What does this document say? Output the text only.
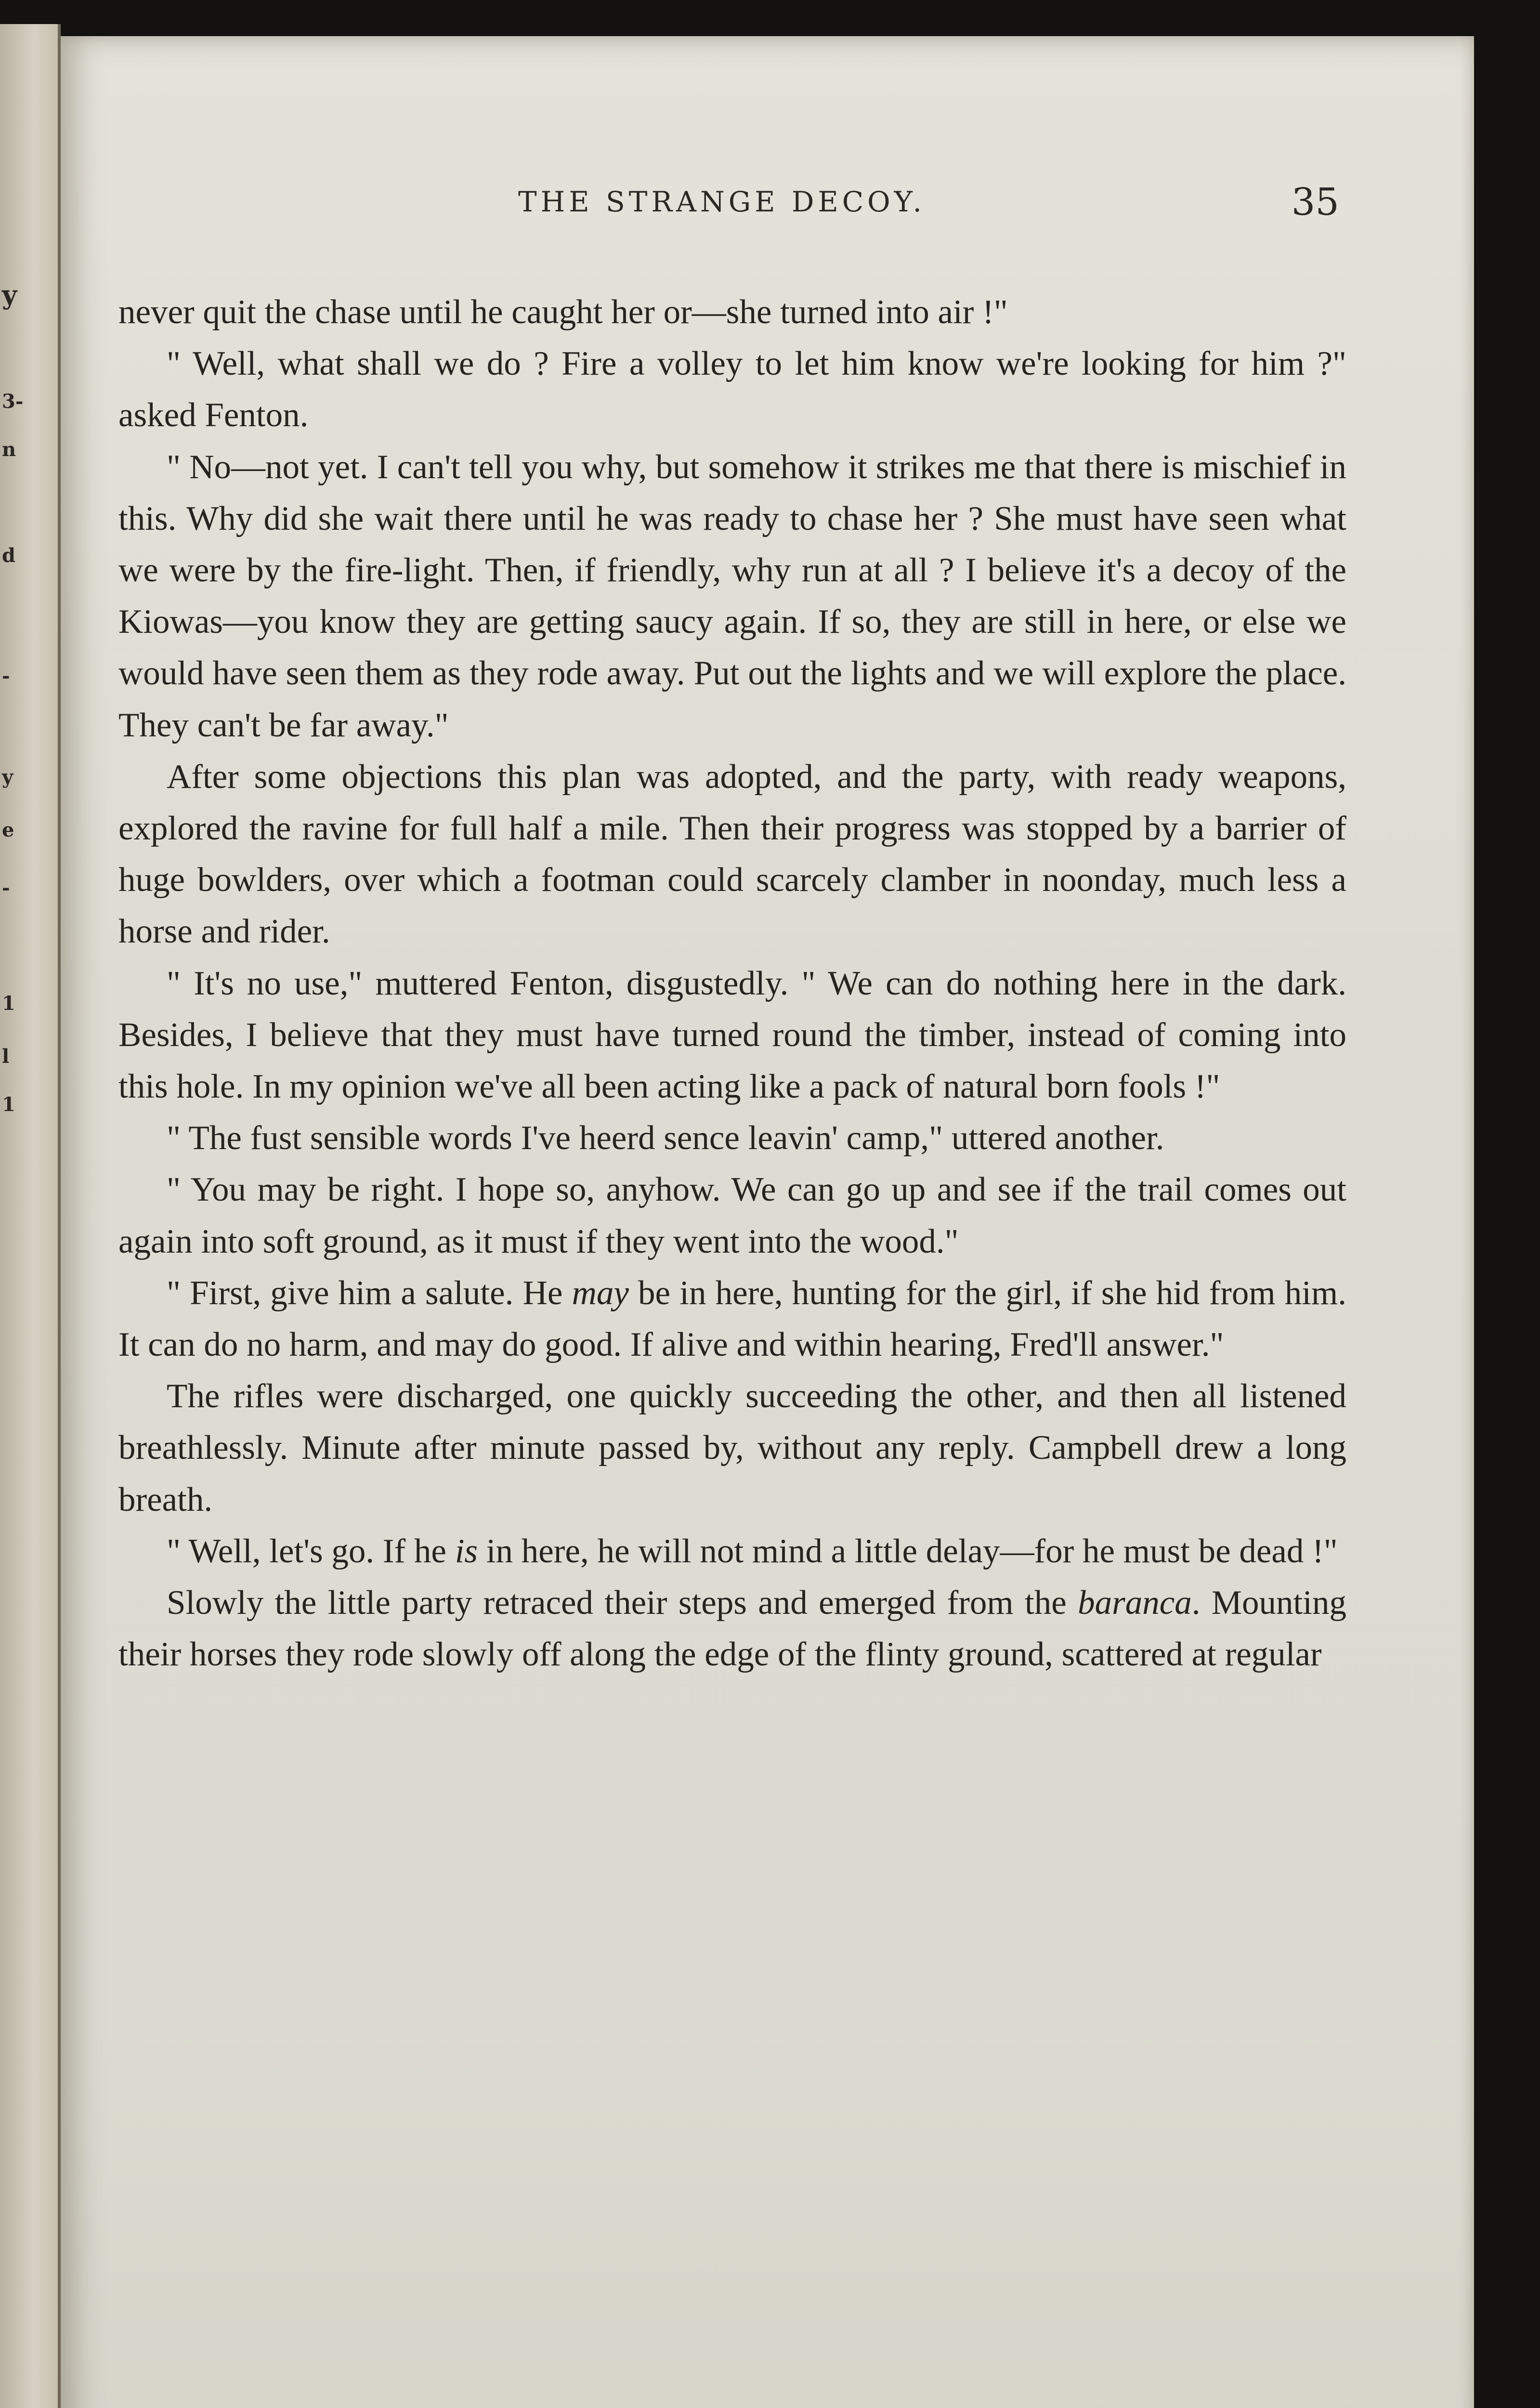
y
3-
n
d
-
y
e
-
1
l
1
THE STRANGE DECOY.	35

never quit the chase until he caught her or—she turned into air !"

" Well, what shall we do ? Fire a volley to let him know we're looking for him ?" asked Fenton.

" No—not yet. I can't tell you why, but somehow it strikes me that there is mischief in this. Why did she wait there until he was ready to chase her ? She must have seen what we were by the fire-light. Then, if friendly, why run at all ? I believe it's a decoy of the Kiowas—you know they are getting saucy again. If so, they are still in here, or else we would have seen them as they rode away. Put out the lights and we will explore the place. They can't be far away."

After some objections this plan was adopted, and the party, with ready weapons, explored the ravine for full half a mile. Then their progress was stopped by a barrier of huge bowlders, over which a footman could scarcely clamber in noonday, much less a horse and rider.

" It's no use," muttered Fenton, disgustedly. " We can do nothing here in the dark. Besides, I believe that they must have turned round the timber, instead of coming into this hole. In my opinion we've all been acting like a pack of natural born fools !"

" The fust sensible words I've heerd sence leavin' camp," uttered another.

" You may be right. I hope so, anyhow. We can go up and see if the trail comes out again into soft ground, as it must if they went into the wood."

" First, give him a salute. He may be in here, hunting for the girl, if she hid from him. It can do no harm, and may do good. If alive and within hearing, Fred'll answer."

The rifles were discharged, one quickly succeeding the other, and then all listened breathlessly. Minute after minute passed by, without any reply. Campbell drew a long breath.

" Well, let's go. If he is in here, he will not mind a little delay—for he must be dead !"

Slowly the little party retraced their steps and emerged from the baranca. Mounting their horses they rode slowly off along the edge of the flinty ground, scattered at regular
